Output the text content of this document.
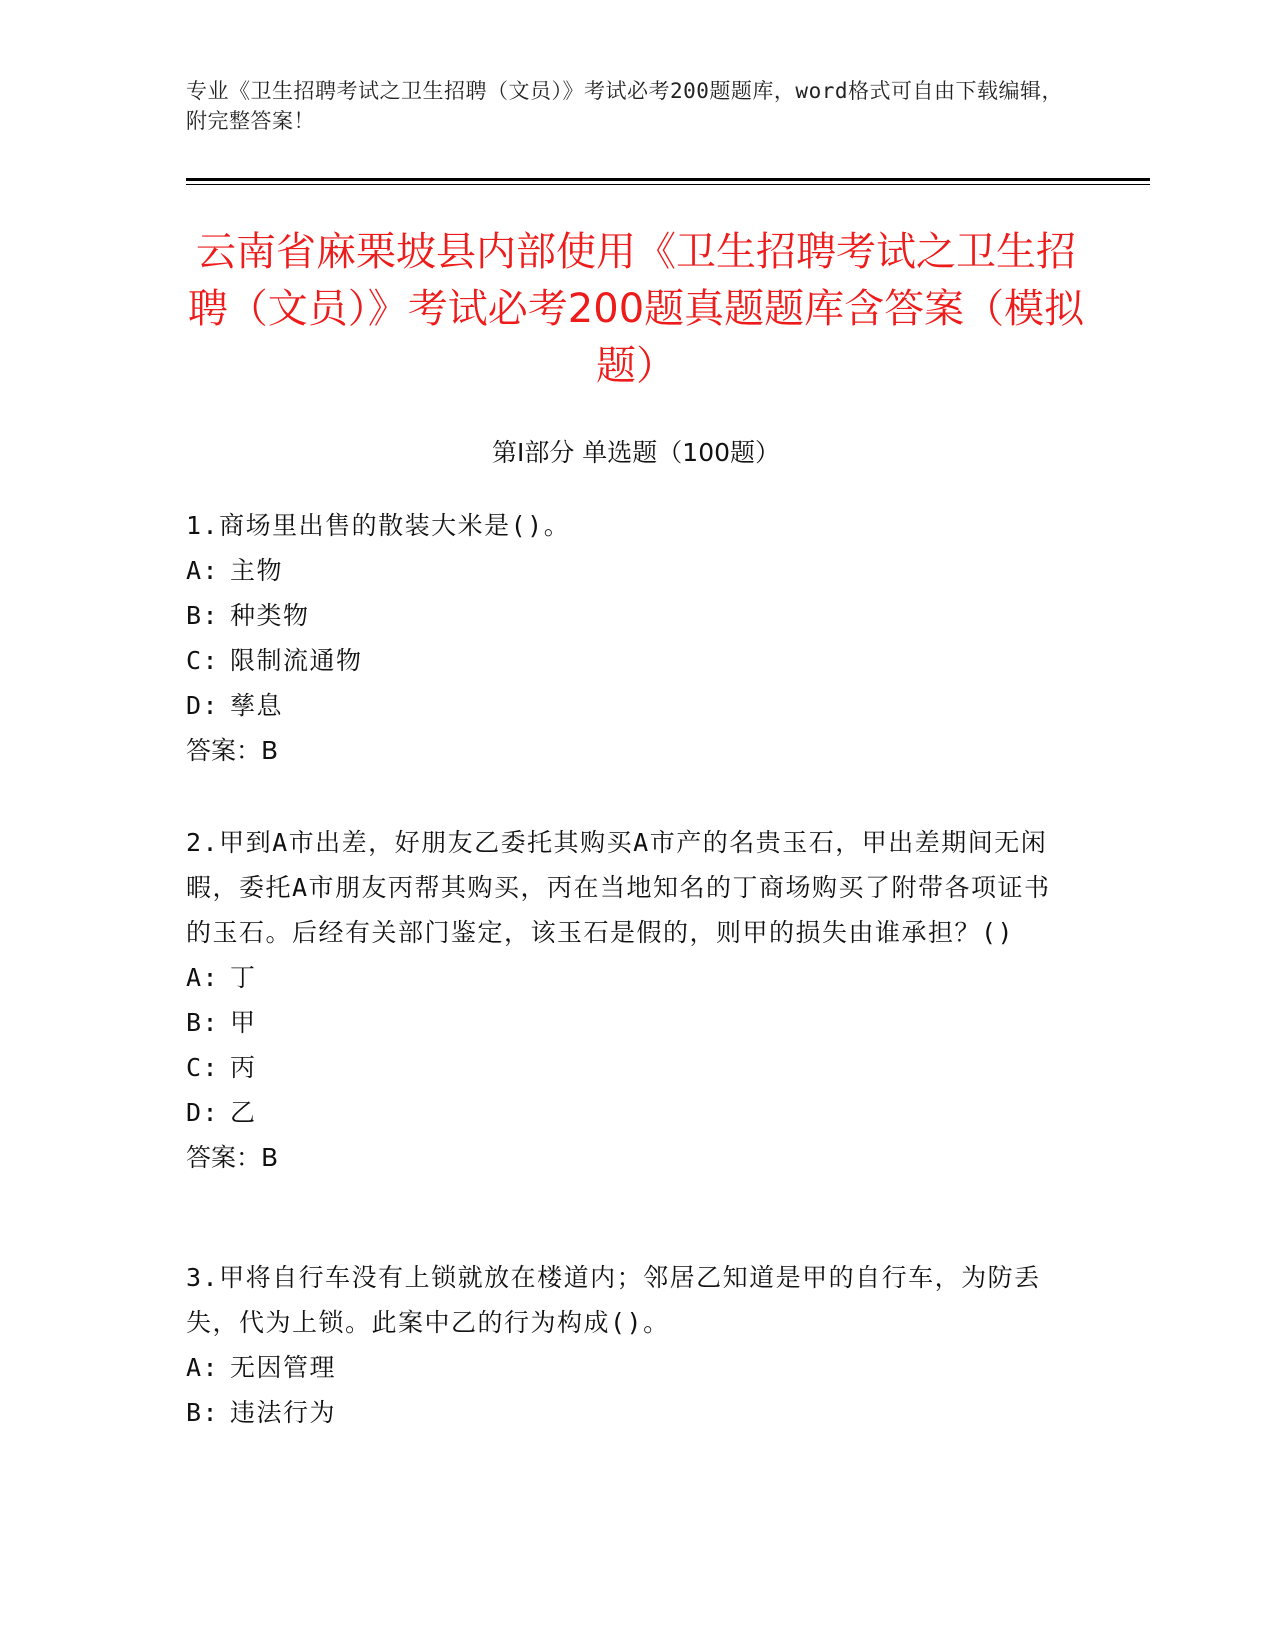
专业《卫生招聘考试之卫生招聘（文员）》考试必考200题题库，word格式可自由下载编辑，附完整答案！
云南省麻栗坡县内部使用《卫生招聘考试之卫生招聘（文员）》考试必考200题真题题库含答案（模拟题）
第I部分 单选题（100题）

1.商场里出售的散装大米是()。

A: 主物

B: 种类物

C: 限制流通物

D: 孳息

答案：B

2.甲到A市出差，好朋友乙委托其购买A市产的名贵玉石，甲出差期间无闲暇，委托A市朋友丙帮其购买，丙在当地知名的丁商场购买了附带各项证书的玉石。后经有关部门鉴定，该玉石是假的，则甲的损失由谁承担？()

A: 丁

B: 甲

C: 丙

D: 乙

答案：B

3.甲将自行车没有上锁就放在楼道内；邻居乙知道是甲的自行车，为防丢失，代为上锁。此案中乙的行为构成()。

A: 无因管理

B: 违法行为
